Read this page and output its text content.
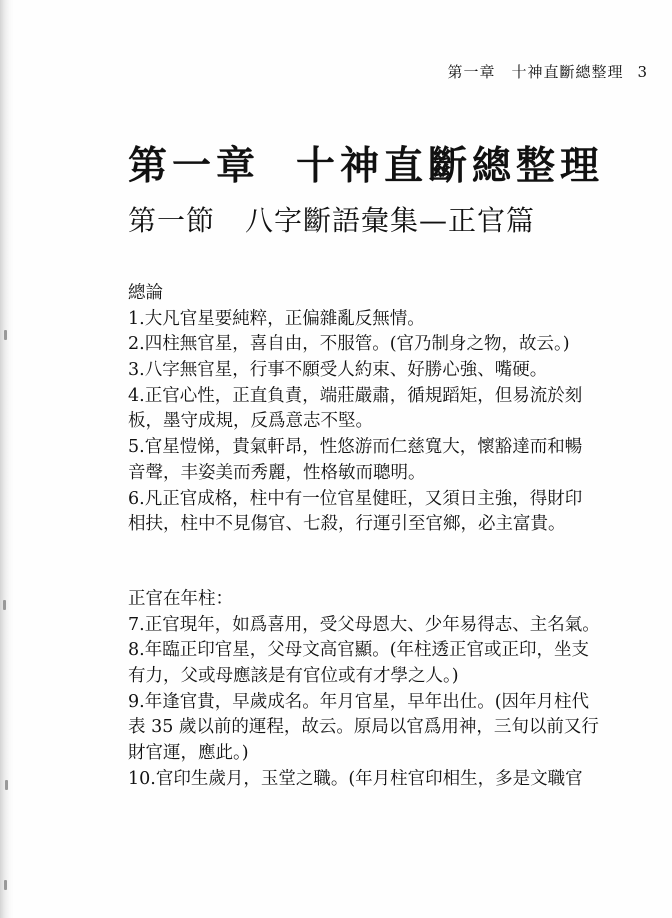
第一章　十神直斷總整理 3
第一章 十神直斷總整理
第一節 八字斷語彙集—正官篇
總論
1.大凡官星要純粹，正偏雜亂反無情。
2.四柱無官星，喜自由，不服管。(官乃制身之物，故云。)
3.八字無官星，行事不願受人約束、好勝心強、嘴硬。
4.正官心性，正直負責，端莊嚴肅，循規蹈矩，但易流於刻
板，墨守成規，反爲意志不堅。
5.官星愷悌，貴氣軒昂，性悠游而仁慈寬大，懷豁達而和暢
音聲，丰姿美而秀麗，性格敏而聰明。
6.凡正官成格，柱中有一位官星健旺，又須日主強，得財印
相扶，柱中不見傷官、七殺，行運引至官鄉，必主富貴。
正官在年柱：
7.正官現年，如爲喜用，受父母恩大、少年易得志、主名氣。
8.年臨正印官星，父母文高官顯。(年柱透正官或正印，坐支
有力，父或母應該是有官位或有才學之人。)
9.年逢官貴，早歲成名。年月官星，早年出仕。(因年月柱代
表 35 歲以前的運程，故云。原局以官爲用神，三旬以前又行
財官運，應此。)
10.官印生歲月，玉堂之職。(年月柱官印相生，多是文職官
